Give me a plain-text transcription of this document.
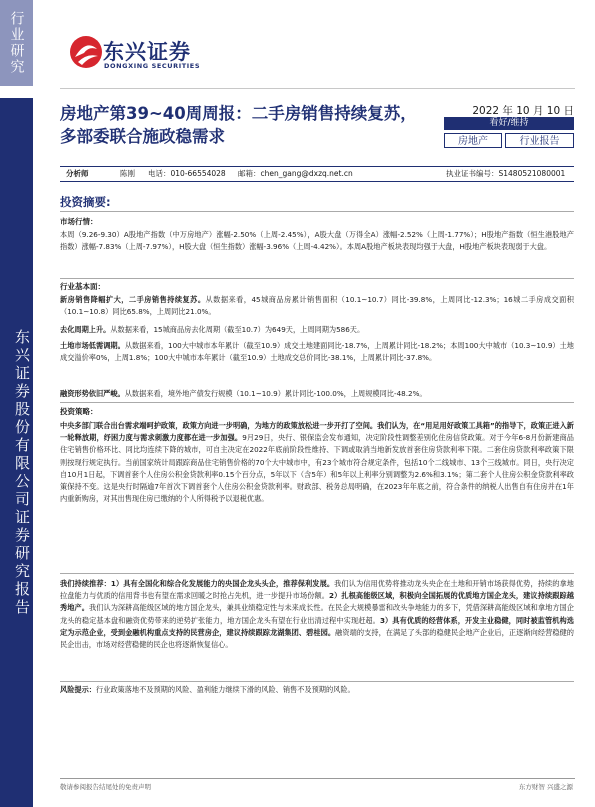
行业研究
东兴证券股份有限公司证券研究报告
东兴证券
DONGXING SECURITIES
房地产第39~40周周报：二手房销售持续复苏，多部委联合施政稳需求
2022 年 10 月 10 日
看好/维持
房地产	行业报告
分析师	陈刚 电话：010-66554028 邮箱：chen_gang@dxzq.net.cn	执业证书编号：S1480521080001
投资摘要:
市场行情：
本周（9.26-9.30）A股地产指数（中万房地产）涨幅-2.50%（上周-2.45%），A股大盘（万得全A）涨幅-2.52%（上周-1.77%）；H股地产指数（恒生港股地产指数）涨幅-7.83%（上周-7.97%），H股大盘（恒生指数）涨幅-3.96%（上周-4.42%）。本周A股地产板块表现均强于大盘，H股地产板块表现弱于大盘。
行业基本面：
新房销售降幅扩大，二手房销售持续复苏。从数据来看，45城商品房累计销售面积（10.1~10.7）同比-39.8%，上周同比-12.3%；16城二手房成交面积（10.1~10.8）同比65.8%，上周同比21.0%。
去化周期上升。从数据来看，15城商品房去化周期（截至10.7）为649天，上周同期为586天。
土地市场低需调期。从数据来看，100大中城市本年累计（截至10.9）成交土地建面同比-18.7%，上周累计同比-18.2%；本周100大中城市（10.3~10.9）土地成交溢价率0%，上周1.8%；100大中城市本年累计（截至10.9）土地成交总价同比-38.1%，上周累计同比-37.8%。
融资形势依旧严峻。从数据来看，境外地产债发行规模（10.1~10.9）累计同比-100.0%，上周规模同比-48.2%。
投资策略：
中央多部门联合出台需求端呵护政策，政策方向进一步明确，为地方的政策放松进一步开打了空间。我们认为，在“用足用好政策工具箱”的指导下，政策正进入新一轮释放期，纾困力度与需求刺激力度都在进一步加强。9月29日，央行、银保监会发布通知，决定阶段性调整差别化住房信贷政策。对于今年6-8月份新建商品住宅销售价格环比、同比均连续下降的城市，可自主决定在2022年底前阶段性维持、下调或取消当地新发放首套住房贷款利率下限。二套住房贷款利率政策下限则按现行规定执行。当前国家统计局跟踪商品住宅销售价格的70个大中城市中，有23个城市符合规定条件，包括10个二线城市、13个三线城市。同日，央行决定自10月1日起，下调首套个人住房公积金贷款利率0.15个百分点，5年以下（含5年）和5年以上利率分别调整为2.6%和3.1%；第二套个人住房公积金贷款利率政策保持不变。这是央行时隔逾7年首次下调首套个人住房公积金贷款利率。财政部、税务总局明确，在2023年年底之前，符合条件的纳税人出售自有住房并在1年内重新购房，对其出售现住房已缴纳的个人所得税予以退税优惠。
我们持续推荐：1）具有全国化和综合化发展能力的央国企龙头头企，推荐保利发展。我们认为信用优势将推动龙头央企在土地和开销市场获得优势，持续的拿地拉盘能力与优质的信用背书也有望在需求回暖之时抢占先机，进一步提升市场份额。2）扎根高能级区域，积极向全国拓展的优质地方国企龙头，建议持续跟踪越秀地产。我们认为深耕高能级区域的地方国企龙头，兼具业绩稳定性与未来成长性。在民企大规模暴雷和改头争地能力的多下，凭借深耕高能级区域和拿地方国企龙头的稳定基本盘和融资优势带来的逆势扩张能力，地方国企龙头有望在行业出清过程中实现赶超。3）具有优质的经营体系，开发主业稳健，同时被监管机构选定为示范企业，受到金融机构重点支持的民营房企，建议持续跟踪龙湖集团、碧桂园。融资端的支持，在满足了头部的稳健民企地产企业后，正逐渐向经营稳健的民企出击，市场对经营稳健的民企也将逐渐恢复信心。
风险提示：行业政策落地不及预期的风险、盈利能力继续下滑的风险、销售不及预期的风险。
敬请参阅报告结尾处的免责声明	东方财智 兴盛之源
